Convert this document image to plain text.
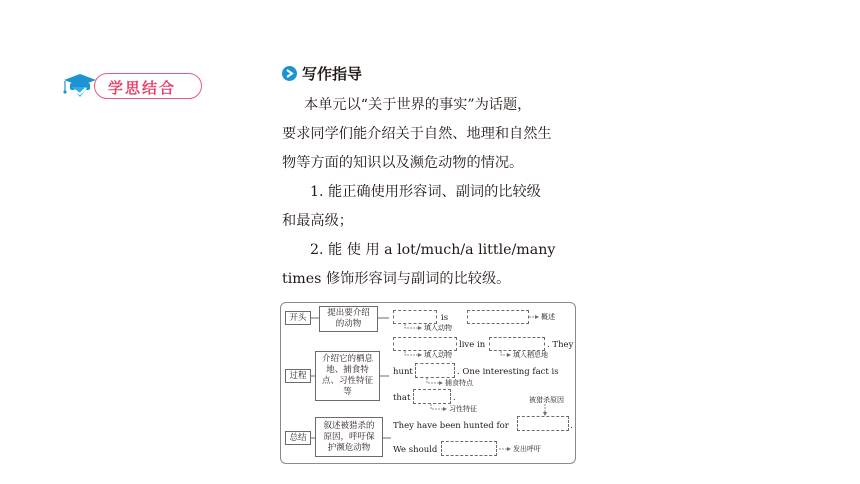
学思结合
写作指导
本单元以“关于世界的事实”为话题，
要求同学们能介绍关于自然、地理和自然生
物等方面的知识以及濒危动物的情况。
1. 能正确使用形容词、副词的比较级
和最高级；
2. 能 使 用 a lot/much/a little/many
times 修饰形容词与副词的比较级。
开头
过程
总结
提出要介绍的动物
介绍它的栖息地、捕食特点、习性特征等
叙述被猎杀的原因，呼吁保护濒危动物
is	概述
填入动物
live in	. They
填入动物	填入栖息地
hunt	. One interesting fact is
捕食特点
that	.
习性特征
被猎杀原因
They have been hunted for	.
We should	发出呼吁
